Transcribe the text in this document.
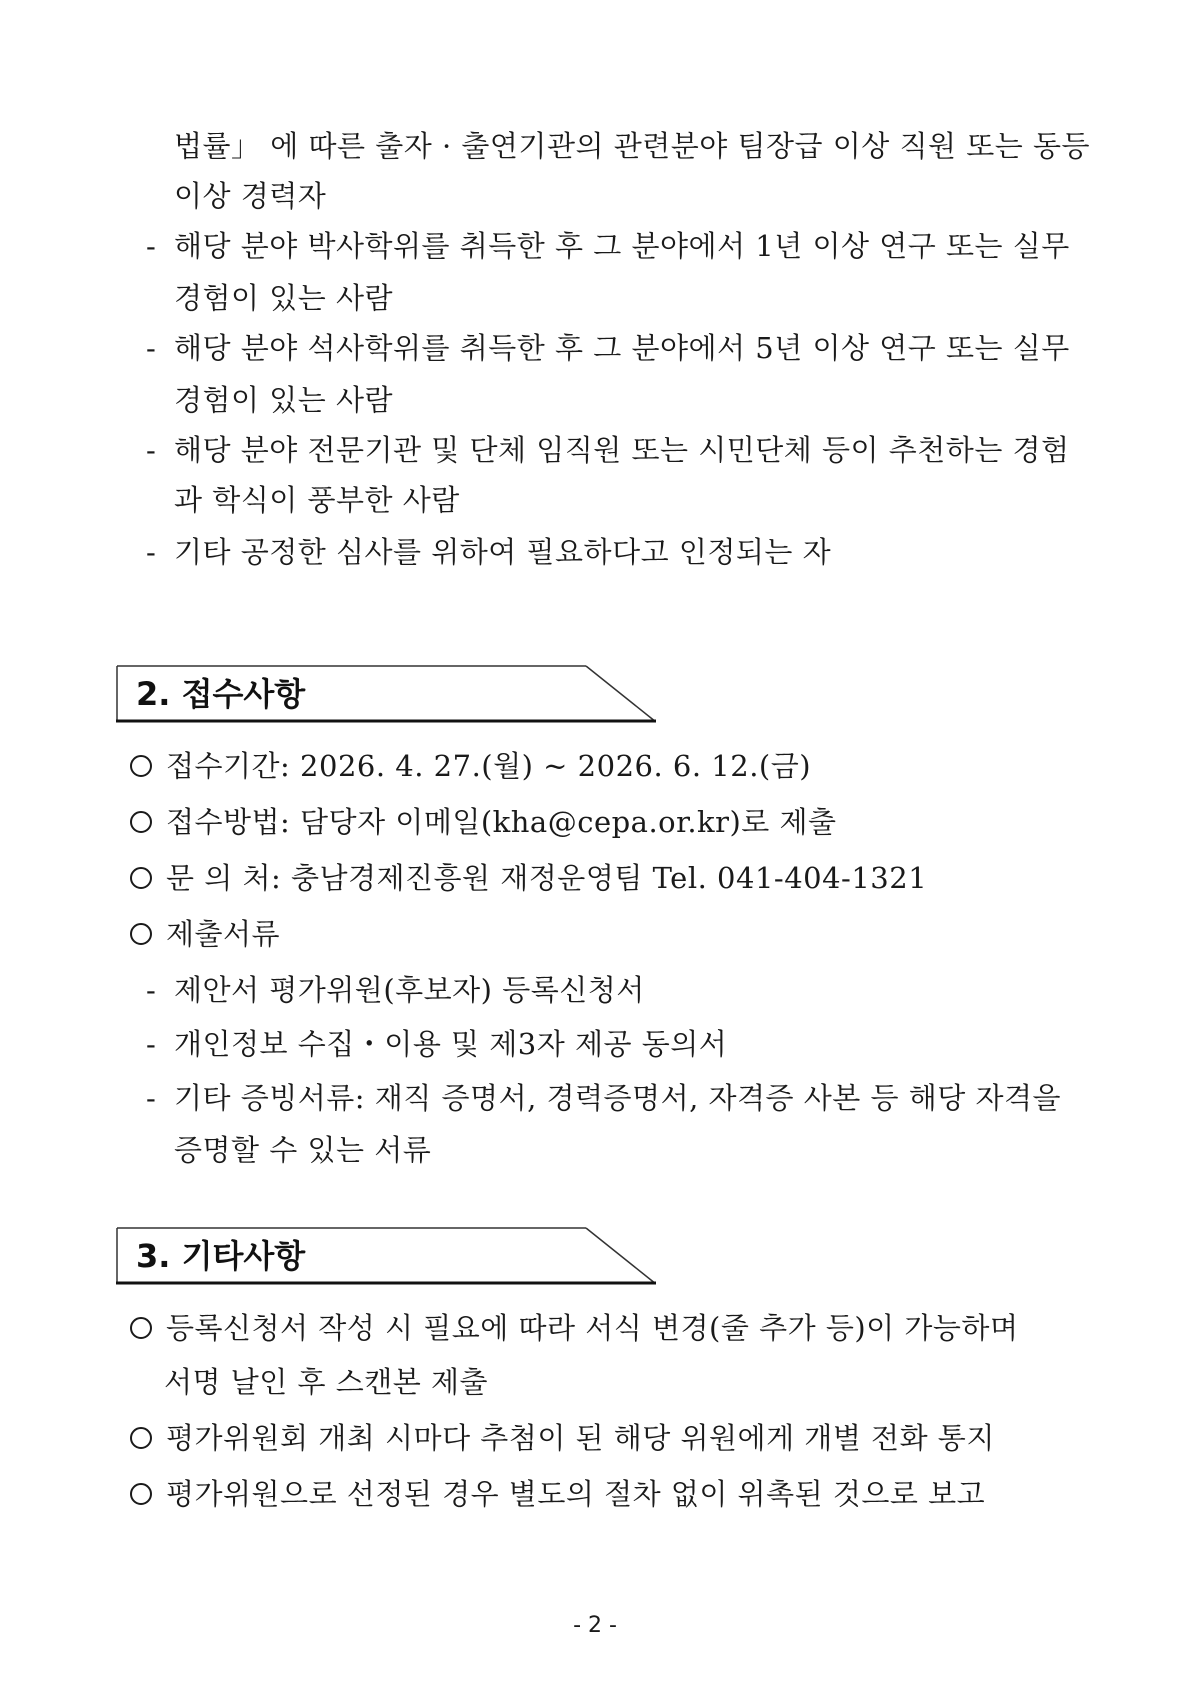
법률」 에 따른 출자 · 출연기관의 관련분야 팀장급 이상 직원 또는 동등
이상 경력자
- 해당 분야 박사학위를 취득한 후 그 분야에서 1년 이상 연구 또는 실무
경험이 있는 사람
- 해당 분야 석사학위를 취득한 후 그 분야에서 5년 이상 연구 또는 실무
경험이 있는 사람
- 해당 분야 전문기관 및 단체 임직원 또는 시민단체 등이 추천하는 경험
과 학식이 풍부한 사람
- 기타 공정한 심사를 위하여 필요하다고 인정되는 자
2. 접수사항
접수기간: 2026. 4. 27.(월) ~ 2026. 6. 12.(금)
접수방법: 담당자 이메일(kha@cepa.or.kr)로 제출
문 의 처: 충남경제진흥원 재정운영팀 Tel. 041-404-1321
제출서류
- 제안서 평가위원(후보자) 등록신청서
- 개인정보 수집・이용 및 제3자 제공 동의서
- 기타 증빙서류: 재직 증명서, 경력증명서, 자격증 사본 등 해당 자격을
증명할 수 있는 서류
3. 기타사항
등록신청서 작성 시 필요에 따라 서식 변경(줄 추가 등)이 가능하며
서명 날인 후 스캔본 제출
평가위원회 개최 시마다 추첨이 된 해당 위원에게 개별 전화 통지
평가위원으로 선정된 경우 별도의 절차 없이 위촉된 것으로 보고
- 2 -
